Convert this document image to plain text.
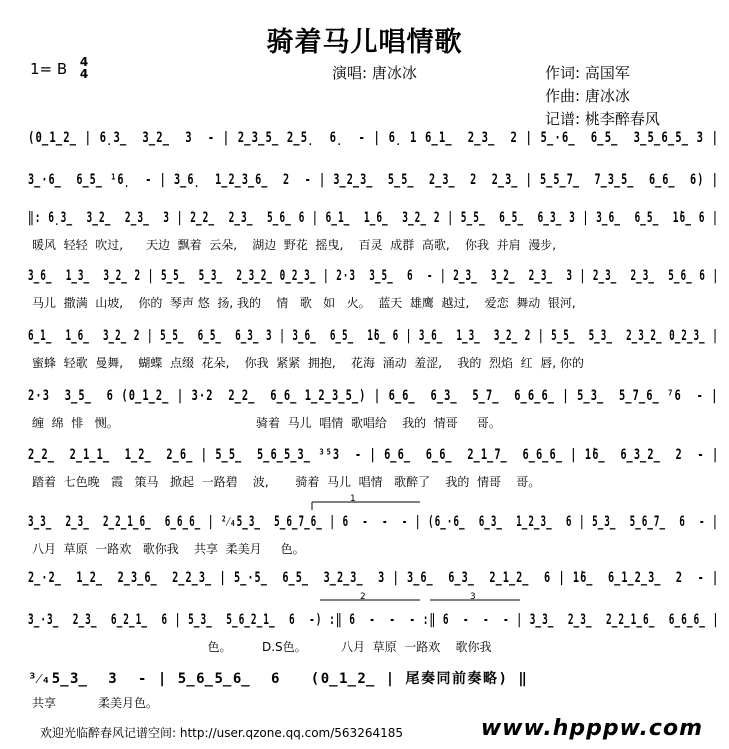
骑着马儿唱情歌
1= B 4
4	演唱: 唐冰冰	作词: 高国军
作曲: 唐冰冰
记谱: 桃李醉春风
(0̲1̲2̲ | 6̣3̲  3̲2̲  3  - | 2̲3̲5̲ 2̲5̣  6̣  - | 6̣ 1 6̲1̲  2̲3̲  2 | 5̲·6̲  6̲5̲  3̲5̲6̲5̲ 3 |
3̲·6̲  6̲5̲ ¹6̣  - | 3̲6̣  1̲2̲3̲6̲  2  - | 3̲2̲3̲  5̲5̲  2̲3̲  2  2̲3̲ | 5̲5̲7̲  7̲3̲5̲  6̲6̲  6) |
‖: 6̣3̲  3̲2̲  2̲3̲  3 | 2̲2̲  2̲3̲  5̲6̲ 6 | 6̲1̲  1̲6̲  3̲2̲ 2 | 5̲5̲  6̲5̲  6̲3̲ 3 | 3̲6̲  6̲5̲  1̇6̲ 6 |
暖风  轻轻  吹过,      天边  飘着  云朵,    湖边  野花  摇曳,    百灵  成群  高歌,    你我  并肩  漫步,
3̲6̲  1̲3̲  3̲2̲ 2 | 5̲5̲  5̲3̲  2̲3̲2̲ 0̲2̲3̲ | 2·3  3̲5̲  6  - | 2̲3̲  3̲2̲  2̲3̲  3 | 2̲3̲  2̲3̲  5̲6̲ 6 |
马儿  撒满  山坡,    你的  琴声 悠  扬, 我的    情   歌   如   火。  蓝天  雄鹰  越过,    爱恋  舞动  银河,
6̲1̲  1̲6̲  3̲2̲ 2 | 5̲5̲  6̲5̲  6̲3̲ 3 | 3̲6̲  6̲5̲  1̇6̲ 6 | 3̲6̲  1̲3̲  3̲2̲ 2 | 5̲5̲  5̲3̲  2̲3̲2̲ 0̲2̲3̲ |
蜜蜂  轻歌  曼舞,    蝴蝶  点缀  花朵,    你我  紧紧  拥抱,    花海  涌动  羞涩,    我的  烈焰  红  唇, 你的
2·3  3̲5̲  6 (0̲1̲2̲ | 3·2  2̲2̲  6̲6̲ 1̲2̲3̲5̲) | 6̲6̲  6̲3̲  5̲7̲  6̲6̲6̲ | 5̲3̲  5̲7̲6̲ ⁷6  - |
缠  绵  悱   恻。                                    骑着  马儿  唱情  歌唱给    我的  情哥     哥。
2̲2̲  2̲1̲1̲  1̲2̲  2̲6̲ | 5̲5̲  5̲6̲5̲3̲ ³⁵3  - | 6̲6̲  6̲6̲  2̲1̲7̲  6̲6̲6̲ | 1̇6̲  6̲3̲2̲  2  - |
踏着  七色晚   霞   策马   掀起  一路碧    波,       骑着  马儿  唱情   歌醉了    我的  情哥    哥。
3̲3̲  2̲3̲  2̲2̲1̲6̲  6̲6̲6̲ | ²⁄₄5̲3̲  5̲6̲7̲6̲ | 6  -  -  - | (6̲·6̲  6̲3̲  1̲2̲3̲  6 | 5̲3̲  5̲6̲7̲  6  - |
八月  草原  一路欢   歌你我    共享  柔美月     色。
2̲·2̲  1̲2̲  2̲3̲6̲  2̲2̲3̲ | 5̲·5̲  6̲5̲  3̲2̲3̲  3 | 3̲6̲  6̲3̲  2̲1̲2̲  6 | 1̇6̲  6̲1̲2̲3̲  2  - |
3̲·3̲  2̲3̲  6̲2̲1̲  6 | 5̲3̲  5̲6̲2̲1̲  6  -) :‖ 6  -  -  - :‖ 6  -  -  - | 3̲3̲  2̲3̲  2̲2̲1̲6̲  6̲6̲6̲ |
色。        D.S色。         八月  草原  一路欢    歌你我
³⁄₄5̲3̲  3  - | 5̲6̲5̲6̲  6   (0̲1̲2̲ | 尾奏同前奏略) ‖
共享           柔美月色。
1
2	3
欢迎光临醉春风记谱空间: http://user.qzone.qq.com/563264185	www.hpppw.com
